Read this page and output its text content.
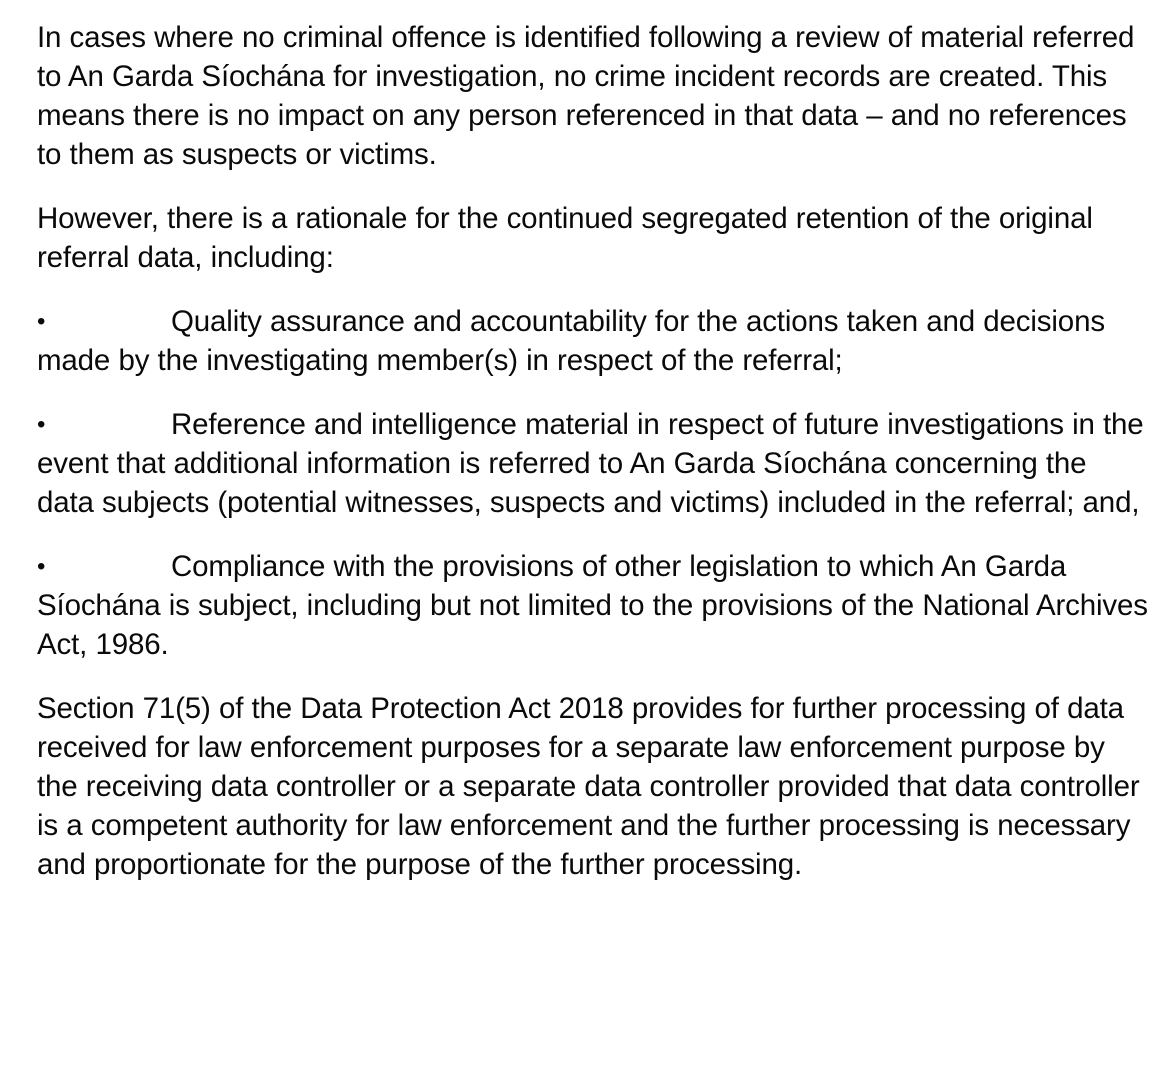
In cases where no criminal offence is identified following a review of material referred to An Garda Síochána for investigation, no crime incident records are created. This means there is no impact on any person referenced in that data – and no references to them as suspects or victims.

However, there is a rationale for the continued segregated retention of the original referral data, including:

•	Quality assurance and accountability for the actions taken and decisions made by the investigating member(s) in respect of the referral;

•	Reference and intelligence material in respect of future investigations in the event that additional information is referred to An Garda Síochána concerning the data subjects (potential witnesses, suspects and victims) included in the referral; and,

•	Compliance with the provisions of other legislation to which An Garda Síochána is subject, including but not limited to the provisions of the National Archives Act, 1986.

Section 71(5) of the Data Protection Act 2018 provides for further processing of data received for law enforcement purposes for a separate law enforcement purpose by the receiving data controller or a separate data controller provided that data controller is a competent authority for law enforcement and the further processing is necessary and proportionate for the purpose of the further processing.
